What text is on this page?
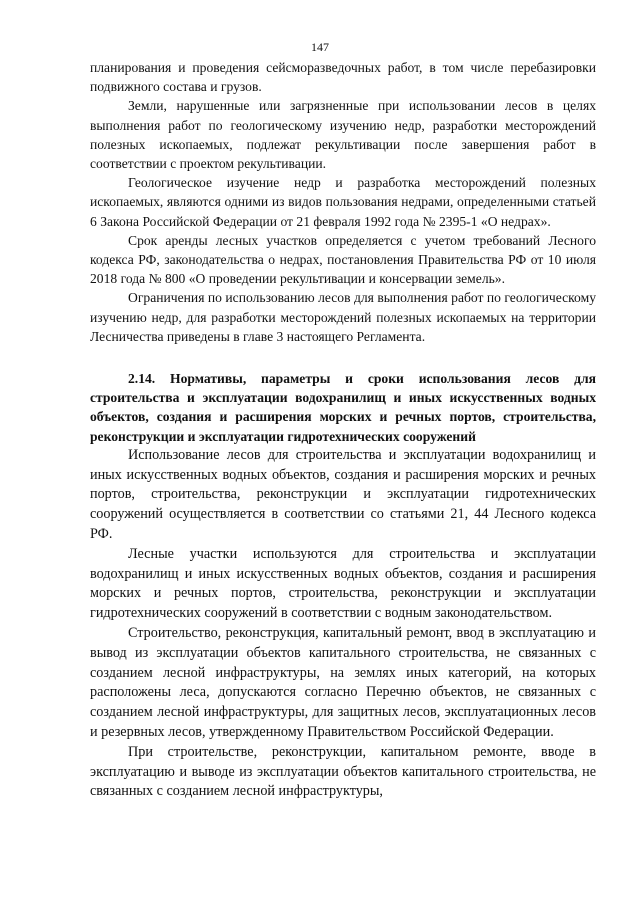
147

планирования и проведения сейсморазведочных работ, в том числе перебазировки подвижного состава и грузов.

Земли, нарушенные или загрязненные при использовании лесов в целях выполнения работ по геологическому изучению недр, разработки месторождений полезных ископаемых, подлежат рекультивации после завершения работ в соответствии с проектом рекультивации.

Геологическое изучение недр и разработка месторождений полезных ископаемых, являются одними из видов пользования недрами, определенными статьей 6 Закона Российской Федерации от 21 февраля 1992 года № 2395-1 «О недрах».

Срок аренды лесных участков определяется с учетом требований Лесного кодекса РФ, законодательства о недрах, постановления Правительства РФ от 10 июля 2018 года № 800 «О проведении рекультивации и консервации земель».

Ограничения по использованию лесов для выполнения работ по геологическому изучению недр, для разработки месторождений полезных ископаемых на территории Лесничества приведены в главе 3 настоящего Регламента.

2.14. Нормативы, параметры и сроки использования лесов для строительства и эксплуатации водохранилищ и иных искусственных водных объектов, создания и расширения морских и речных портов, строительства, реконструкции и эксплуатации гидротехнических сооружений

Использование лесов для строительства и эксплуатации водохранилищ и иных искусственных водных объектов, создания и расширения морских и речных портов, строительства, реконструкции и эксплуатации гидротехнических сооружений осуществляется в соответствии со статьями 21, 44 Лесного кодекса РФ.

Лесные участки используются для строительства и эксплуатации водохранилищ и иных искусственных водных объектов, создания и расширения морских и речных портов, строительства, реконструкции и эксплуатации гидротехнических сооружений в соответствии с водным законодательством.

Строительство, реконструкция, капитальный ремонт, ввод в эксплуатацию и вывод из эксплуатации объектов капитального строительства, не связанных с созданием лесной инфраструктуры, на землях иных категорий, на которых расположены леса, допускаются согласно Перечню объектов, не связанных с созданием лесной инфраструктуры, для защитных лесов, эксплуатационных лесов и резервных лесов, утвержденному Правительством Российской Федерации.

При строительстве, реконструкции, капитальном ремонте, вводе в эксплуатацию и выводе из эксплуатации объектов капитального строительства, не связанных с созданием лесной инфраструктуры,
